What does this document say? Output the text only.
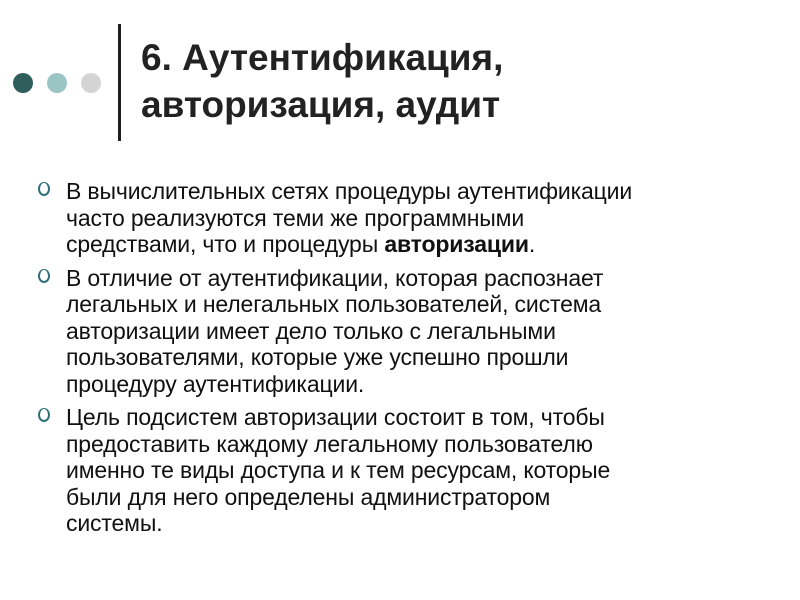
6. Аутентификация,
авторизация, аудит
В вычислительных сетях процедуры аутентификации
часто реализуются теми же программными
средствами, что и процедуры авторизации.
В отличие от аутентификации, которая распознает
легальных и нелегальных пользователей, система
авторизации имеет дело только с легальными
пользователями, которые уже успешно прошли
процедуру аутентификации.
Цель подсистем авторизации состоит в том, чтобы
предоставить каждому легальному пользователю
именно те виды доступа и к тем ресурсам, которые
были для него определены администратором
системы.
